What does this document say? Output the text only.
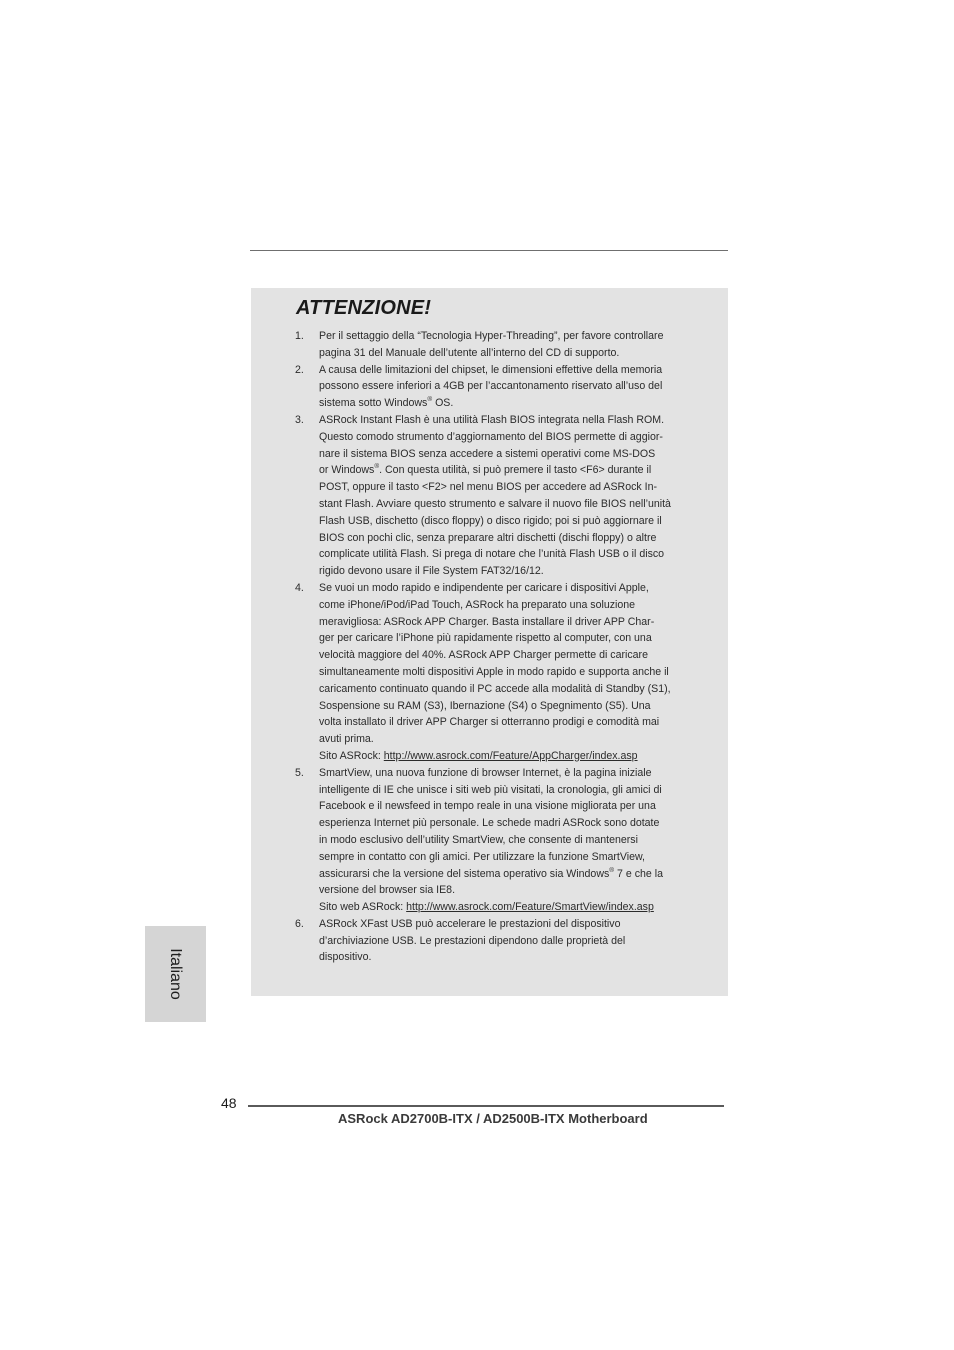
ATTENZIONE!
1. Per il settaggio della “Tecnologia Hyper-Threading”, per favore controllare
pagina 31 del Manuale dell’utente all’interno del CD di supporto.
2. A causa delle limitazioni del chipset, le dimensioni effettive della memoria
possono essere inferiori a 4GB per l’accantonamento riservato all’uso del
sistema sotto Windows® OS.
3. ASRock Instant Flash è una utilità Flash BIOS integrata nella Flash ROM.
Questo comodo strumento d’aggiornamento del BIOS permette di aggior-
nare il sistema BIOS senza accedere a sistemi operativi come MS-DOS
or Windows®. Con questa utilità, si può premere il tasto <F6> durante il
POST, oppure il tasto <F2> nel menu BIOS per accedere ad ASRock In-
stant Flash. Avviare questo strumento e salvare il nuovo file BIOS nell’unità
Flash USB, dischetto (disco floppy) o disco rigido; poi si può aggiornare il
BIOS con pochi clic, senza preparare altri dischetti (dischi floppy) o altre
complicate utilità Flash. Si prega di notare che l’unità Flash USB o il disco
rigido devono usare il File System FAT32/16/12.
4. Se vuoi un modo rapido e indipendente per caricare i dispositivi Apple,
come iPhone/iPod/iPad Touch, ASRock ha preparato una soluzione
meravigliosa: ASRock APP Charger. Basta installare il driver APP Char-
ger per caricare l’iPhone più rapidamente rispetto al computer, con una
velocità maggiore del 40%. ASRock APP Charger permette di caricare
simultaneamente molti dispositivi Apple in modo rapido e supporta anche il
caricamento continuato quando il PC accede alla modalità di Standby (S1),
Sospensione su RAM (S3), Ibernazione (S4) o Spegnimento (S5). Una
volta installato il driver APP Charger si otterranno prodigi e comodità mai
avuti prima.
Sito ASRock: http://www.asrock.com/Feature/AppCharger/index.asp
5. SmartView, una nuova funzione di browser Internet, è la pagina iniziale
intelligente di IE che unisce i siti web più visitati, la cronologia, gli amici di
Facebook e il newsfeed in tempo reale in una visione migliorata per una
esperienza Internet più personale. Le schede madri ASRock sono dotate
in modo esclusivo dell’utility SmartView, che consente di mantenersi
sempre in contatto con gli amici. Per utilizzare la funzione SmartView,
assicurarsi che la versione del sistema operativo sia Windows® 7 e che la
versione del browser sia IE8.
Sito web ASRock: http://www.asrock.com/Feature/SmartView/index.asp
6. ASRock XFast USB può accelerare le prestazioni del dispositivo
d’archiviazione USB. Le prestazioni dipendono dalle proprietà del
dispositivo.
Italiano
48
ASRock AD2700B-ITX / AD2500B-ITX Motherboard
